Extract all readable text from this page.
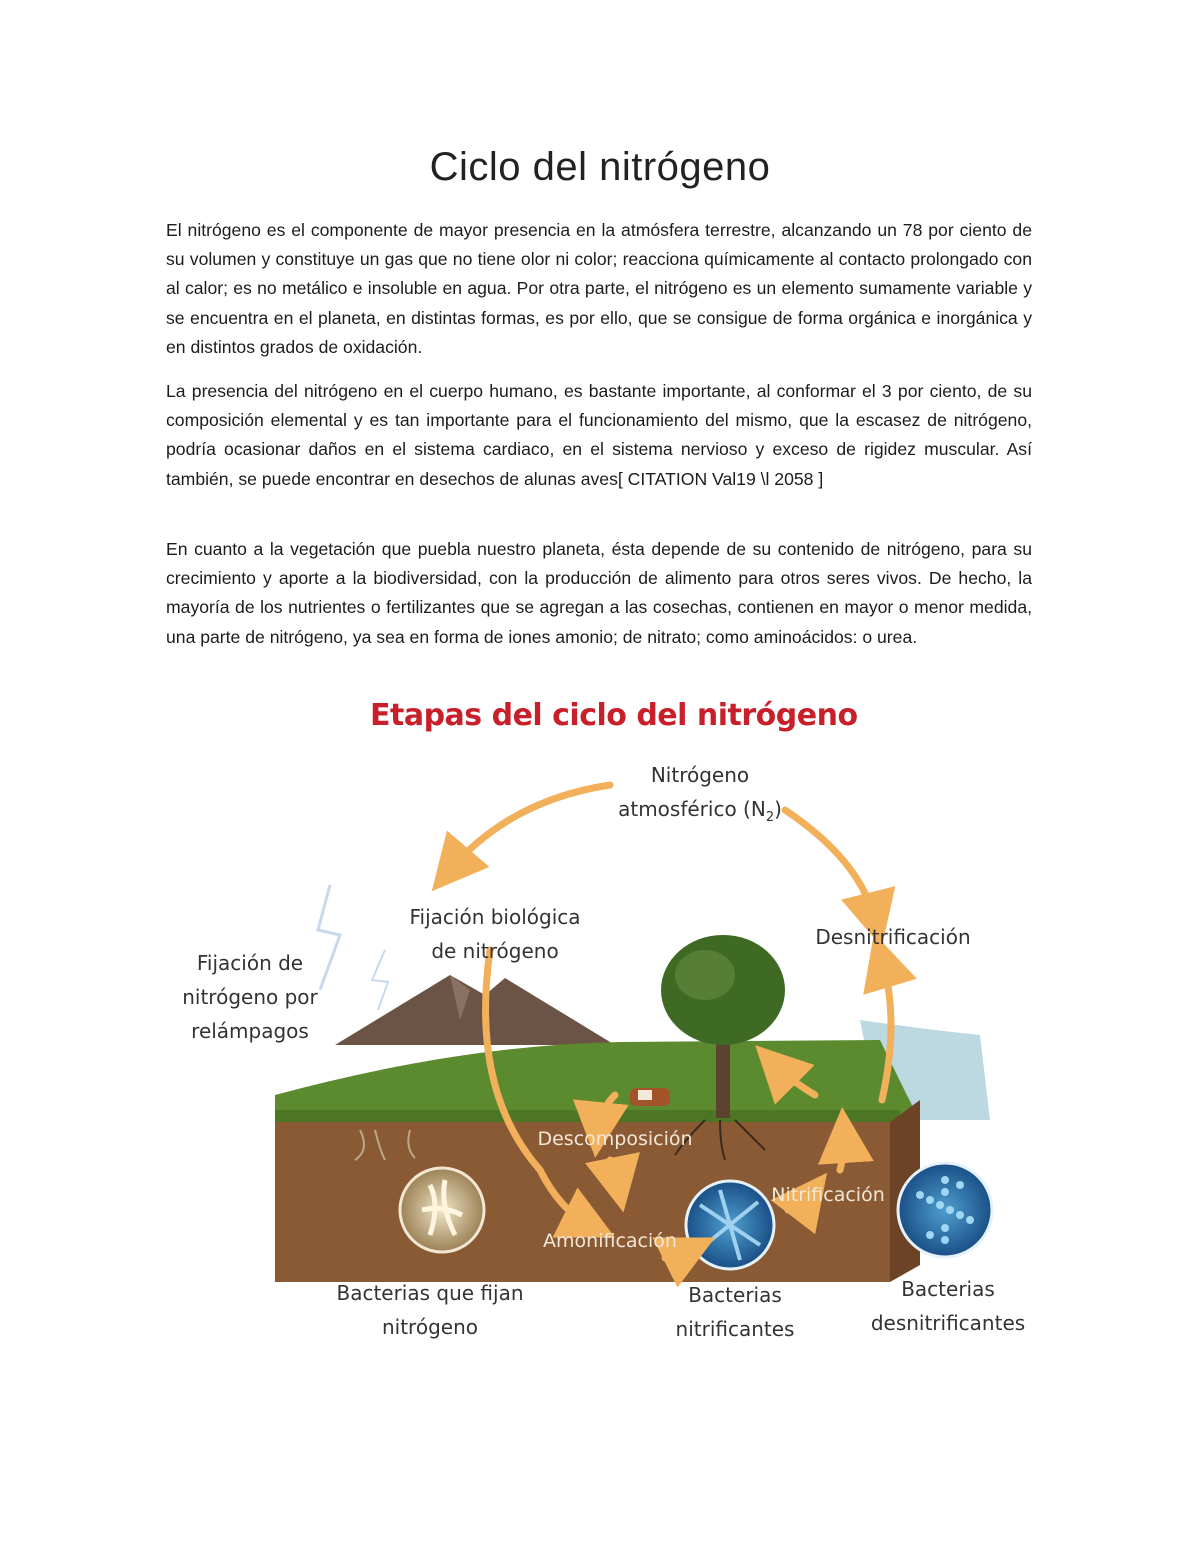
Ciclo del nitrógeno

El nitrógeno es el componente de mayor presencia en la atmósfera terrestre, alcanzando un 78 por ciento de su volumen y constituye un gas que no tiene olor ni color; reacciona químicamente al contacto prolongado con al calor; es no metálico e insoluble en agua. Por otra parte, el nitrógeno es un elemento sumamente variable y se encuentra en el planeta, en distintas formas, es por ello, que se consigue de forma orgánica e inorgánica y en distintos grados de oxidación.

La presencia del nitrógeno en el cuerpo humano, es bastante importante, al conformar el 3 por ciento, de su composición elemental y es tan importante para el funcionamiento del mismo, que la escasez de nitrógeno, podría ocasionar daños en el sistema cardiaco, en el sistema nervioso y exceso de rigidez muscular. Así también, se puede encontrar en desechos de alunas aves[ CITATION Val19 \l 2058 ]

En cuanto a la vegetación que puebla nuestro planeta, ésta depende de su contenido de nitrógeno, para su crecimiento y aporte a la biodiversidad, con la producción de alimento para otros seres vivos. De hecho, la mayoría de los nutrientes o fertilizantes que se agregan a las cosechas, contienen en mayor o menor medida, una parte de nitrógeno, ya sea en forma de iones amonio; de nitrato; como aminoácidos: o urea.

Etapas del ciclo del nitrógeno
Nitrógeno
atmosférico $(N_2)$
Fijación biológica
de nitrógeno
Fijación de
nitrógeno por
relámpagos
Desnitrificación
Descomposición
Amonificación
Nitrificación
Bacterias que fijan
nitrógeno
Bacterias
nitrificantes
Bacterias
desnitrificantes
